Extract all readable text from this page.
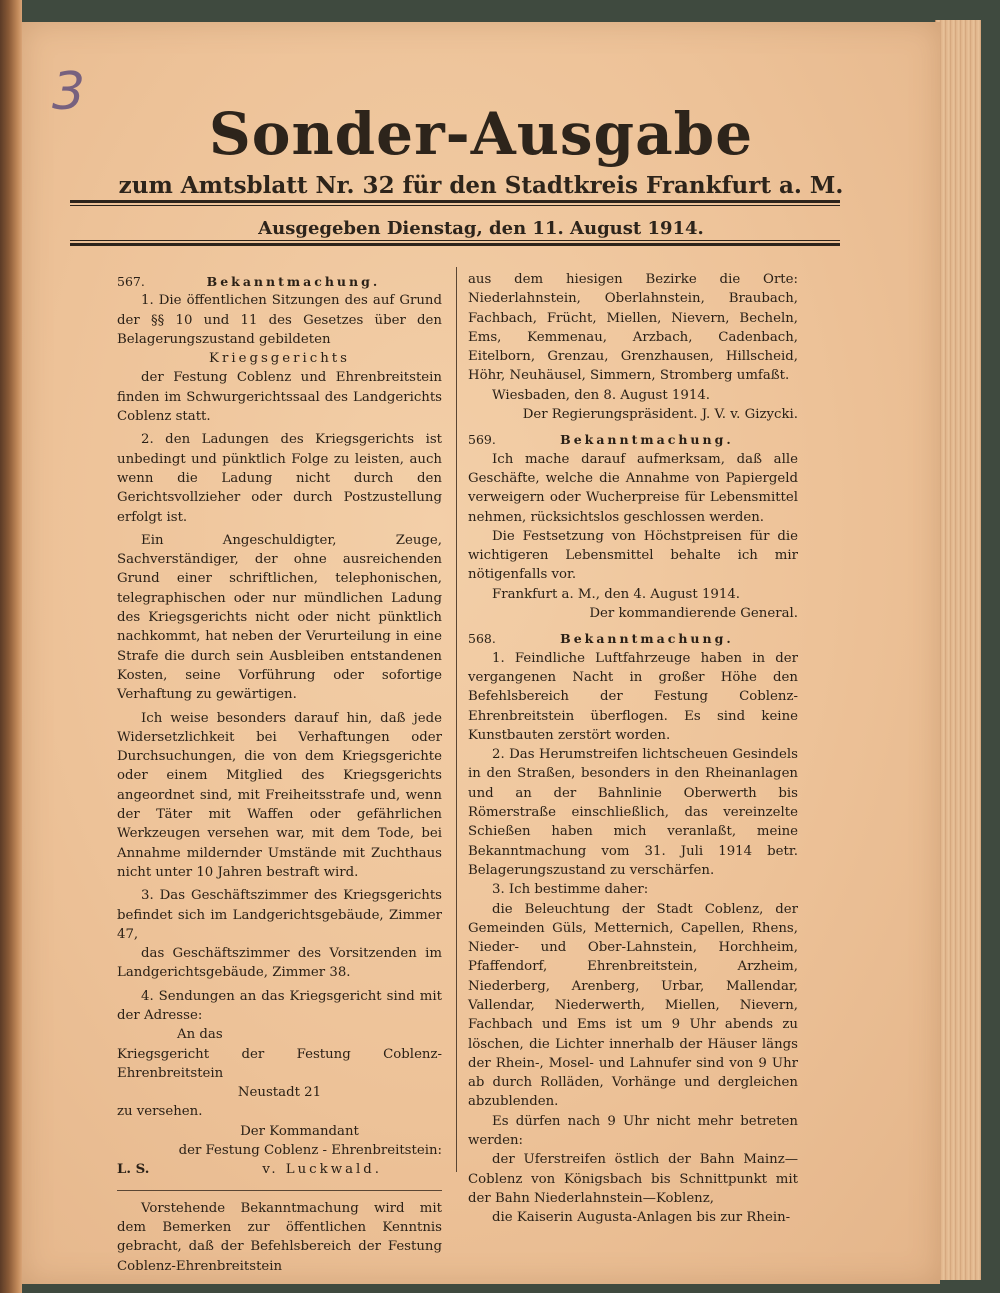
3
Sonder-Ausgabe
zum Amtsblatt Nr. 32 für den Stadtkreis Frankfurt a. M.
Ausgegeben Dienstag, den 11. August 1914.
567.	Bekanntmachung.

1. Die öffentlichen Sitzungen des auf Grund der §§ 10 und 11 des Gesetzes über den Belagerungszustand gebildeten

Kriegsgerichts

der Festung Coblenz und Ehrenbreitstein finden im Schwurgerichtssaal des Landgerichts Coblenz statt.

2. den Ladungen des Kriegsgerichts ist unbedingt und pünktlich Folge zu leisten, auch wenn die Ladung nicht durch den Gerichtsvollzieher oder durch Postzustellung erfolgt ist.

Ein Angeschuldigter, Zeuge, Sachverständiger, der ohne ausreichenden Grund einer schriftlichen, telephonischen, telegraphischen oder nur mündlichen Ladung des Kriegsgerichts nicht oder nicht pünktlich nachkommt, hat neben der Verurteilung in eine Strafe die durch sein Ausbleiben entstandenen Kosten, seine Vorführung oder sofortige Verhaftung zu gewärtigen.

Ich weise besonders darauf hin, daß jede Widersetzlichkeit bei Verhaftungen oder Durchsuchungen, die von dem Kriegsgerichte oder einem Mitglied des Kriegsgerichts angeordnet sind, mit Freiheitsstrafe und, wenn der Täter mit Waffen oder gefährlichen Werkzeugen versehen war, mit dem Tode, bei Annahme mildernder Umstände mit Zuchthaus nicht unter 10 Jahren bestraft wird.

3. Das Geschäftszimmer des Kriegsgerichts befindet sich im Landgerichtsgebäude, Zimmer 47,

das Geschäftszimmer des Vorsitzenden im Landgerichtsgebäude, Zimmer 38.

4. Sendungen an das Kriegsgericht sind mit der Adresse:

An das

Kriegsgericht der Festung Coblenz-Ehrenbreitstein

Neustadt 21

zu versehen.

Der Kommandant

der Festung Coblenz - Ehrenbreitstein:

L. S.	v. Luckwald.

Vorstehende Bekanntmachung wird mit dem Bemerken zur öffentlichen Kenntnis gebracht, daß der Befehlsbereich der Festung Coblenz-Ehrenbreitstein

aus dem hiesigen Bezirke die Orte: Niederlahnstein, Oberlahnstein, Braubach, Fachbach, Frücht, Miellen, Nievern, Becheln, Ems, Kemmenau, Arzbach, Cadenbach, Eitelborn, Grenzau, Grenzhausen, Hillscheid, Höhr, Neuhäusel, Simmern, Stromberg umfaßt.

Wiesbaden, den 8. August 1914.

Der Regierungspräsident. J. V. v. Gizycki.

569.	Bekanntmachung.

Ich mache darauf aufmerksam, daß alle Geschäfte, welche die Annahme von Papiergeld verweigern oder Wucherpreise für Lebensmittel nehmen, rücksichtslos geschlossen werden.

Die Festsetzung von Höchstpreisen für die wichtigeren Lebensmittel behalte ich mir nötigenfalls vor.

Frankfurt a. M., den 4. August 1914.

Der kommandierende General.

568.	Bekanntmachung.

1. Feindliche Luftfahrzeuge haben in der vergangenen Nacht in großer Höhe den Befehlsbereich der Festung Coblenz-Ehrenbreitstein überflogen. Es sind keine Kunstbauten zerstört worden.

2. Das Herumstreifen lichtscheuen Gesindels in den Straßen, besonders in den Rheinanlagen und an der Bahnlinie Oberwerth bis Römerstraße einschließlich, das vereinzelte Schießen haben mich veranlaßt, meine Bekanntmachung vom 31. Juli 1914 betr. Belagerungszustand zu verschärfen.

3. Ich bestimme daher:

die Beleuchtung der Stadt Coblenz, der Gemeinden Güls, Metternich, Capellen, Rhens, Nieder- und Ober-Lahnstein, Horchheim, Pfaffendorf, Ehrenbreitstein, Arzheim, Niederberg, Arenberg, Urbar, Mallendar, Vallendar, Niederwerth, Miellen, Nievern, Fachbach und Ems ist um 9 Uhr abends zu löschen, die Lichter innerhalb der Häuser längs der Rhein-, Mosel- und Lahnufer sind von 9 Uhr ab durch Rolläden, Vorhänge und dergleichen abzublenden.

Es dürfen nach 9 Uhr nicht mehr betreten werden:

der Uferstreifen östlich der Bahn Mainz—Coblenz von Königsbach bis Schnittpunkt mit der Bahn Niederlahnstein—Koblenz,

die Kaiserin Augusta-Anlagen bis zur Rhein-
